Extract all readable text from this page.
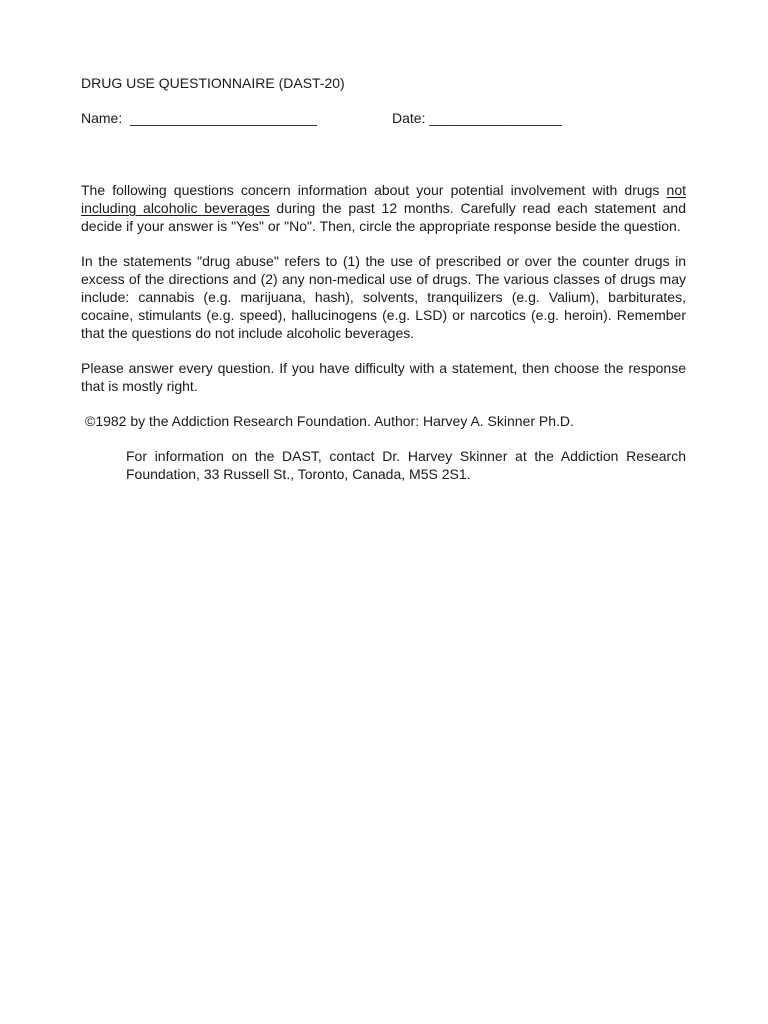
DRUG USE QUESTIONNAIRE (DAST-20)

Name: ________________________

	Date: _________________

The following questions concern information about your potential involvement with drugs not including alcoholic beverages during the past 12 months. Carefully read each statement and decide if your answer is "Yes" or "No". Then, circle the appropriate response beside the question.

In the statements "drug abuse" refers to (1) the use of prescribed or over the counter drugs in excess of the directions and (2) any non-medical use of drugs. The various classes of drugs may include: cannabis (e.g. marijuana, hash), solvents, tranquilizers (e.g. Valium), barbiturates, cocaine, stimulants (e.g. speed), hallucinogens (e.g. LSD) or narcotics (e.g. heroin). Remember that the questions do not include alcoholic beverages.

Please answer every question. If you have difficulty with a statement, then choose the response that is mostly right.

©1982 by the Addiction Research Foundation. Author: Harvey A. Skinner Ph.D.

For information on the DAST, contact Dr. Harvey Skinner at the Addiction Research Foundation, 33 Russell St., Toronto, Canada, M5S 2S1.
